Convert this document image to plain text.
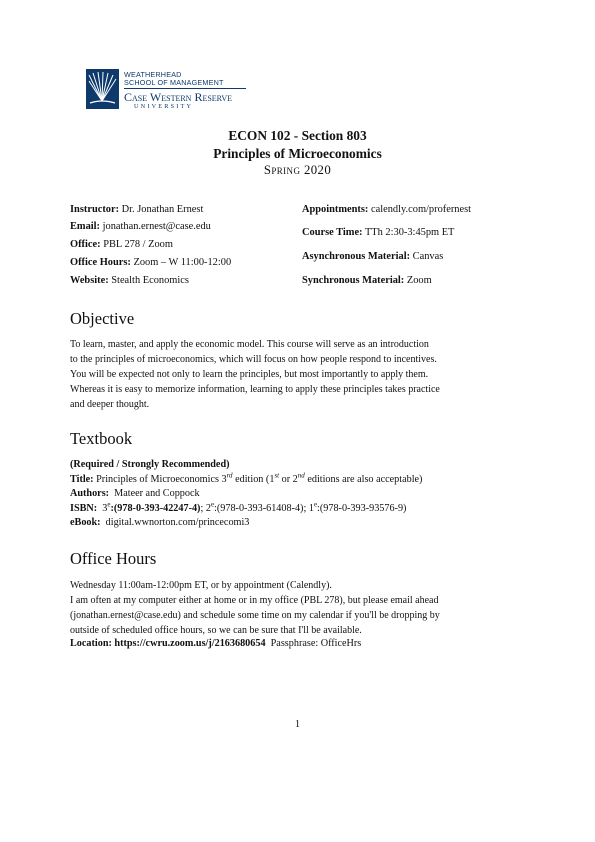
WEATHERHEAD
SCHOOL OF MANAGEMENT
Case Western Reserve
UNIVERSITY
ECON 102 - Section 803
Principles of Microeconomics
Spring 2020
Instructor: Dr. Jonathan Ernest
Email: jonathan.ernest@case.edu
Office: PBL 278 / Zoom
Office Hours: Zoom – W 11:00-12:00
Website: Stealth Economics
Appointments: calendly.com/profernest
Course Time: TTh 2:30-3:45pm ET
Asynchronous Material: Canvas
Synchronous Material: Zoom
Objective
To learn, master, and apply the economic model. This course will serve as an introduction
to the principles of microeconomics, which will focus on how people respond to incentives.
You will be expected not only to learn the principles, but most importantly to apply them.
Whereas it is easy to memorize information, learning to apply these principles takes practice
and deeper thought.
Textbook
(Required / Strongly Recommended)
Title: Principles of Microeconomics 3rd edition (1st or 2nd editions are also acceptable)
Authors: Mateer and Coppock
ISBN: 3e:(978-0-393-42247-4); 2e:(978-0-393-61408-4); 1e:(978-0-393-93576-9)
eBook: digital.wwnorton.com/princecomi3
Office Hours
Wednesday 11:00am-12:00pm ET, or by appointment (Calendly).
I am often at my computer either at home or in my office (PBL 278), but please email ahead
(jonathan.ernest@case.edu) and schedule some time on my calendar if you'll be dropping by
outside of scheduled office hours, so we can be sure that I'll be available.
Location: https://cwru.zoom.us/j/2163680654 Passphrase: OfficeHrs
1
